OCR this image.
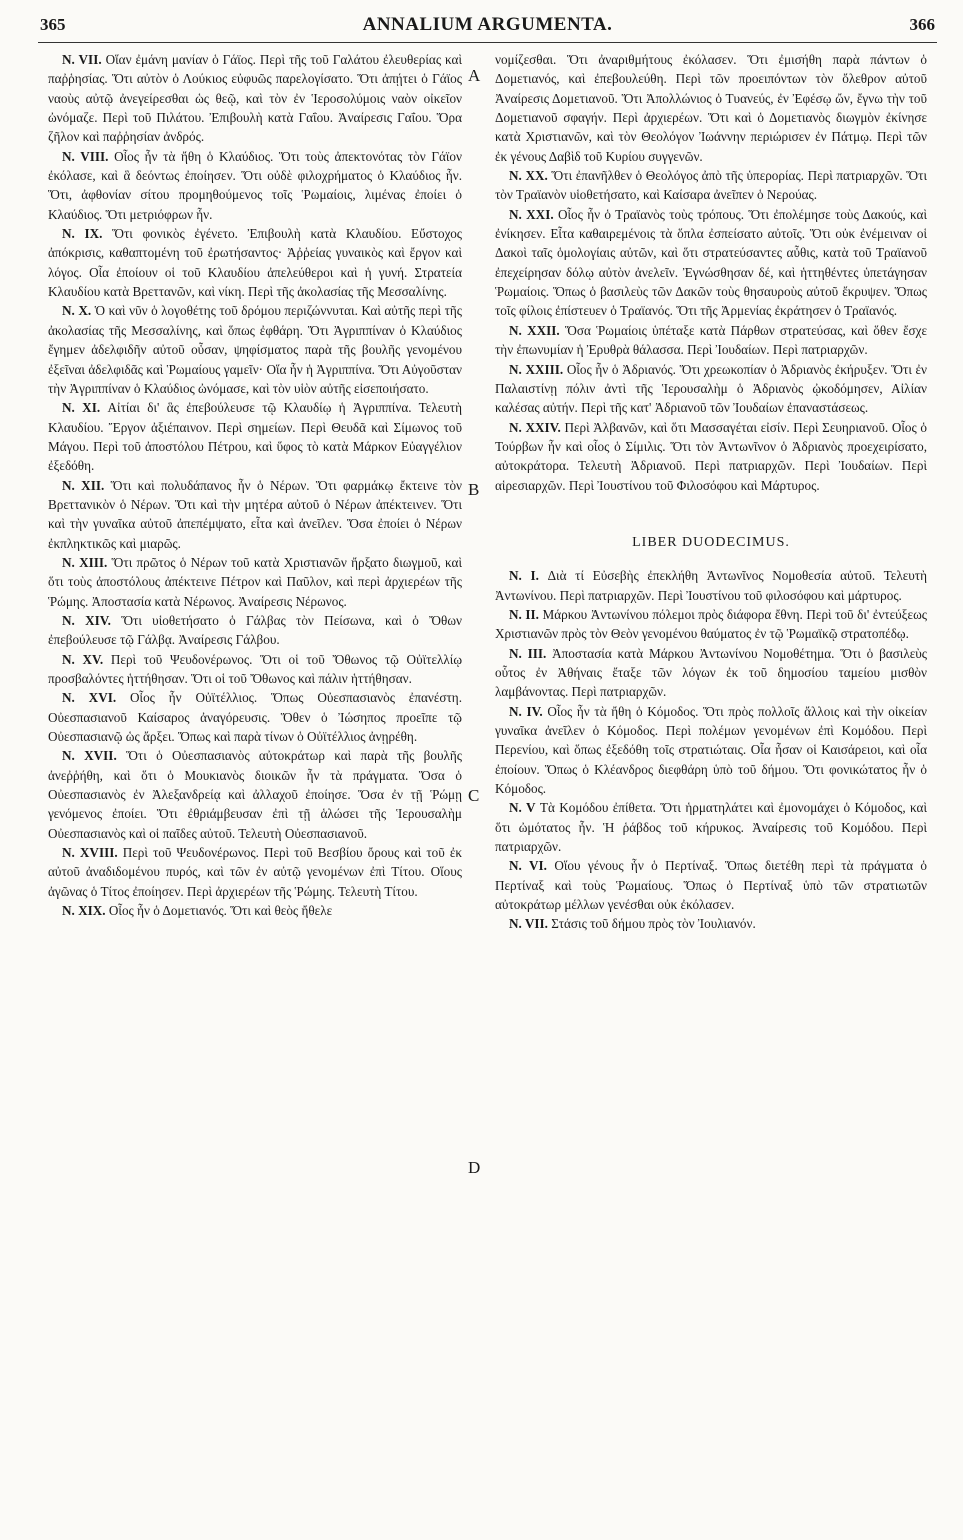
365	ANNALIUM ARGUMENTA.	366
A
B
C
D

N. VII. Οἵαν ἐμάνη μανίαν ὁ Γάϊος. Περὶ τῆς τοῦ Γαλάτου ἐλευθερίας καὶ παῤῥησίας. Ὅτι αὐτὸν ὁ Λούκιος εὐφυῶς παρελογίσατο. Ὅτι ἀπῄτει ὁ Γάϊος ναοὺς αὐτῷ ἀνεγείρεσθαι ὡς θεῷ, καὶ τὸν ἐν Ἱεροσολύμοις ναὸν οἰκεῖον ὠνόμαζε. Περὶ τοῦ Πιλάτου. Ἐπιβουλὴ κατὰ Γαΐου. Ἀναίρεσις Γαΐου. Ὅρα ζῆλον καὶ παῤῥησίαν ἀνδρός.

N. VIII. Οἷος ἦν τὰ ἤθη ὁ Κλαύδιος. Ὅτι τοὺς ἀπεκτονότας τὸν Γάϊον ἐκόλασε, καὶ ἃ δεόντως ἐποίησεν. Ὅτι οὐδὲ φιλοχρήματος ὁ Κλαύδιος ἦν. Ὅτι, ἀφθονίαν σίτου προμηθούμενος τοῖς Ῥωμαίοις, λιμένας ἐποίει ὁ Κλαύδιος. Ὅτι μετριόφρων ἦν.

N. IX. Ὅτι φονικὸς ἐγένετο. Ἐπιβουλὴ κατὰ Κλαυδίου. Εὔστοχος ἀπόκρισις, καθαπτομένη τοῦ ἐρωτήσαντος· Ἀῤῥείας γυναικὸς καὶ ἔργον καὶ λόγος. Οἷα ἐποίουν οἱ τοῦ Κλαυδίου ἀπελεύθεροι καὶ ἡ γυνή. Στρατεία Κλαυδίου κατὰ Βρεττανῶν, καὶ νίκη. Περὶ τῆς ἀκολασίας τῆς Μεσσαλίνης.

N. X. Ὁ καὶ νῦν ὁ λογοθέτης τοῦ δρόμου περιζώννυται. Καὶ αὐτῆς περὶ τῆς ἀκολασίας τῆς Μεσσαλίνης, καὶ ὅπως ἐφθάρη. Ὅτι Ἀγριππίναν ὁ Κλαύδιος ἔγημεν ἀδελφιδῆν αὐτοῦ οὖσαν, ψηφίσματος παρὰ τῆς βουλῆς γενομένου ἐξεῖναι ἀδελφιδᾶς καὶ Ῥωμαίους γαμεῖν· Οἵα ἦν ἡ Ἀγριππίνα. Ὅτι Αὐγοῦσταν τὴν Ἀγριππίναν ὁ Κλαύδιος ὠνόμασε, καὶ τὸν υἱὸν αὐτῆς εἰσεποιήσατο.

N. XI. Αἰτίαι δι' ἃς ἐπεβούλευσε τῷ Κλαυδίῳ ἡ Ἀγριππίνα. Τελευτὴ Κλαυδίου. Ἔργον ἀξιέπαινον. Περὶ σημείων. Περὶ Θευδᾶ καὶ Σίμωνος τοῦ Μάγου. Περὶ τοῦ ἀποστόλου Πέτρου, καὶ ὕφος τὸ κατὰ Μάρκον Εὐαγγέλιον ἐξεδόθη.

N. XII. Ὅτι καὶ πολυδάπανος ἦν ὁ Νέρων. Ὅτι φαρμάκῳ ἔκτεινε τὸν Βρεττανικὸν ὁ Νέρων. Ὅτι καὶ τὴν μητέρα αὐτοῦ ὁ Νέρων ἀπέκτεινεν. Ὅτι καὶ τὴν γυναῖκα αὐτοῦ ἀπεπέμψατο, εἶτα καὶ ἀνεῖλεν. Ὅσα ἐποίει ὁ Νέρων ἐκπληκτικῶς καὶ μιαρῶς.

N. XIII. Ὅτι πρῶτος ὁ Νέρων τοῦ κατὰ Χριστιανῶν ἤρξατο διωγμοῦ, καὶ ὅτι τοὺς ἀποστόλους ἀπέκτεινε Πέτρον καὶ Παῦλον, καὶ περὶ ἀρχιερέων τῆς Ῥώμης. Ἀποστασία κατὰ Νέρωνος. Ἀναίρεσις Νέρωνος.

N. XIV. Ὅτι υἱοθετήσατο ὁ Γάλβας τὸν Πείσωνα, καὶ ὁ Ὄθων ἐπεβούλευσε τῷ Γάλβᾳ. Ἀναίρεσις Γάλβου.

N. XV. Περὶ τοῦ Ψευδονέρωνος. Ὅτι οἱ τοῦ Ὄθωνος τῷ Οὐϊτελλίῳ προσβαλόντες ἡττήθησαν. Ὅτι οἱ τοῦ Ὄθωνος καὶ πάλιν ἡττήθησαν.

N. XVI. Οἷος ἦν Οὐϊτέλλιος. Ὅπως Οὐεσπασιανὸς ἐπανέστη. Οὐεσπασιανοῦ Καίσαρος ἀναγόρευσις. Ὅθεν ὁ Ἰώσηπος προεῖπε τῷ Οὐεσπασιανῷ ὡς ἄρξει. Ὅπως καὶ παρὰ τίνων ὁ Οὐϊτέλλιος ἀνῃρέθη.

N. XVII. Ὅτι ὁ Οὐεσπασιανὸς αὐτοκράτωρ καὶ παρὰ τῆς βουλῆς ἀνεῤῥήθη, καὶ ὅτι ὁ Μουκιανὸς διοικῶν ἦν τὰ πράγματα. Ὅσα ὁ Οὐεσπασιανὸς ἐν Ἀλεξανδρείᾳ καὶ ἀλλαχοῦ ἐποίησε. Ὅσα ἐν τῇ Ῥώμῃ γενόμενος ἐποίει. Ὅτι ἐθριάμβευσαν ἐπὶ τῇ ἁλώσει τῆς Ἱερουσαλὴμ Οὐεσπασιανὸς καὶ οἱ παῖδες αὐτοῦ. Τελευτὴ Οὐεσπασιανοῦ.

N. XVIII. Περὶ τοῦ Ψευδονέρωνος. Περὶ τοῦ Βεσβίου ὄρους καὶ τοῦ ἐκ αὐτοῦ ἀναδιδομένου πυρός, καὶ τῶν ἐν αὐτῷ γενομένων ἐπὶ Τίτου. Οἵους ἀγῶνας ὁ Τίτος ἐποίησεν. Περὶ ἀρχιερέων τῆς Ῥώμης. Τελευτὴ Τίτου.

N. XIX. Οἷος ἦν ὁ Δομετιανός. Ὅτι καὶ θεὸς ἤθελε

νομίζεσθαι. Ὅτι ἀναριθμήτους ἐκόλασεν. Ὅτι ἐμισήθη παρὰ πάντων ὁ Δομετιανός, καὶ ἐπεβουλεύθη. Περὶ τῶν προειπόντων τὸν ὄλεθρον αὐτοῦ Ἀναίρεσις Δομετιανοῦ. Ὅτι Ἀπολλώνιος ὁ Τυανεύς, ἐν Ἐφέσῳ ὤν, ἔγνω τὴν τοῦ Δομετιανοῦ σφαγήν. Περὶ ἀρχιερέων. Ὅτι καὶ ὁ Δομετιανὸς διωγμὸν ἐκίνησε κατὰ Χριστιανῶν, καὶ τὸν Θεολόγον Ἰωάννην περιώρισεν ἐν Πάτμῳ. Περὶ τῶν ἐκ γένους Δαβὶδ τοῦ Κυρίου συγγενῶν.

N. XX. Ὅτι ἐπανῆλθεν ὁ Θεολόγος ἀπὸ τῆς ὑπερορίας. Περὶ πατριαρχῶν. Ὅτι τὸν Τραϊανὸν υἱοθετήσατο, καὶ Καίσαρα ἀνεῖπεν ὁ Νερούας.

N. XXI. Οἷος ἦν ὁ Τραϊανὸς τοὺς τρόπους. Ὅτι ἐπολέμησε τοὺς Δακούς, καὶ ἐνίκησεν. Εἶτα καθαιρεμένοις τὰ ὅπλα ἐσπείσατο αὐτοῖς. Ὅτι οὐκ ἐνέμειναν οἱ Δακοὶ ταῖς ὁμολογίαις αὐτῶν, καὶ ὅτι στρατεύσαντες αὖθις, κατὰ τοῦ Τραϊανοῦ ἐπεχείρησαν δόλῳ αὐτὸν ἀνελεῖν. Ἐγνώσθησαν δέ, καὶ ἡττηθέντες ὑπετάγησαν Ῥωμαίοις. Ὅπως ὁ βασιλεὺς τῶν Δακῶν τοὺς θησαυροὺς αὐτοῦ ἔκρυψεν. Ὅπως τοῖς φίλοις ἐπίστευεν ὁ Τραϊανός. Ὅτι τῆς Ἀρμενίας ἐκράτησεν ὁ Τραϊανός.

N. XXII. Ὅσα Ῥωμαίοις ὑπέταξε κατὰ Πάρθων στρατεύσας, καὶ ὅθεν ἔσχε τὴν ἐπωνυμίαν ἡ Ἐρυθρὰ θάλασσα. Περὶ Ἰουδαίων. Περὶ πατριαρχῶν.

N. XXIII. Οἷος ἦν ὁ Ἀδριανός. Ὅτι χρεωκοπίαν ὁ Ἀδριανὸς ἐκήρυξεν. Ὅτι ἐν Παλαιστίνῃ πόλιν ἀντὶ τῆς Ἱερουσαλὴμ ὁ Ἀδριανὸς ᾠκοδόμησεν, Αἰλίαν καλέσας αὐτήν. Περὶ τῆς κατ' Ἀδριανοῦ τῶν Ἰουδαίων ἐπαναστάσεως.

N. XXIV. Περὶ Ἀλβανῶν, καὶ ὅτι Μασσαγέται εἰσίν. Περὶ Σευηριανοῦ. Οἷος ὁ Τούρβων ἦν καὶ οἷος ὁ Σίμιλις. Ὅτι τὸν Ἀντωνῖνον ὁ Ἀδριανὸς προεχειρίσατο, αὐτοκράτορα. Τελευτὴ Ἀδριανοῦ. Περὶ πατριαρχῶν. Περὶ Ἰουδαίων. Περὶ αἱρεσιαρχῶν. Περὶ Ἰουστίνου τοῦ Φιλοσόφου καὶ Μάρτυρος.

LIBER DUODECIMUS.

N. I. Διὰ τί Εὐσεβὴς ἐπεκλήθη Ἀντωνῖνος Νομοθεσία αὐτοῦ. Τελευτὴ Ἀντωνίνου. Περὶ πατριαρχῶν. Περὶ Ἰουστίνου τοῦ φιλοσόφου καὶ μάρτυρος.

N. II. Μάρκου Ἀντωνίνου πόλεμοι πρὸς διάφορα ἔθνη. Περὶ τοῦ δι' ἐντεύξεως Χριστιανῶν πρὸς τὸν Θεὸν γενομένου θαύματος ἐν τῷ Ῥωμαϊκῷ στρατοπέδῳ.

N. III. Ἀποστασία κατὰ Μάρκου Ἀντωνίνου Νομοθέτημα. Ὅτι ὁ βασιλεὺς οὗτος ἐν Ἀθήναις ἔταξε τῶν λόγων ἐκ τοῦ δημοσίου ταμείου μισθὸν λαμβάνοντας. Περὶ πατριαρχῶν.

N. IV. Οἷος ἦν τὰ ἤθη ὁ Κόμοδος. Ὅτι πρὸς πολλοῖς ἄλλοις καὶ τὴν οἰκείαν γυναῖκα ἀνεῖλεν ὁ Κόμοδος. Περὶ πολέμων γενομένων ἐπὶ Κομόδου. Περὶ Περενίου, καὶ ὅπως ἐξεδόθη τοῖς στρατιώταις. Οἷα ἦσαν οἱ Καισάρειοι, καὶ οἷα ἐποίουν. Ὅπως ὁ Κλέανδρος διεφθάρη ὑπὸ τοῦ δήμου. Ὅτι φονικώτατος ἦν ὁ Κόμοδος.

N. V Τὰ Κομόδου ἐπίθετα. Ὅτι ἡρματηλάτει καὶ ἐμονομάχει ὁ Κόμοδος, καὶ ὅτι ὠμότατος ἦν. Ἡ ῥάβδος τοῦ κήρυκος. Ἀναίρεσις τοῦ Κομόδου. Περὶ πατριαρχῶν.

N. VI. Οἵου γένους ἦν ὁ Περτίναξ. Ὅπως διετέθη περὶ τὰ πράγματα ὁ Περτίναξ καὶ τοὺς Ῥωμαίους. Ὅπως ὁ Περτίναξ ὑπὸ τῶν στρατιωτῶν αὐτοκράτωρ μέλλων γενέσθαι οὐκ ἐκόλασεν.

N. VII. Στάσις τοῦ δήμου πρὸς τὸν Ἰουλιανόν.
